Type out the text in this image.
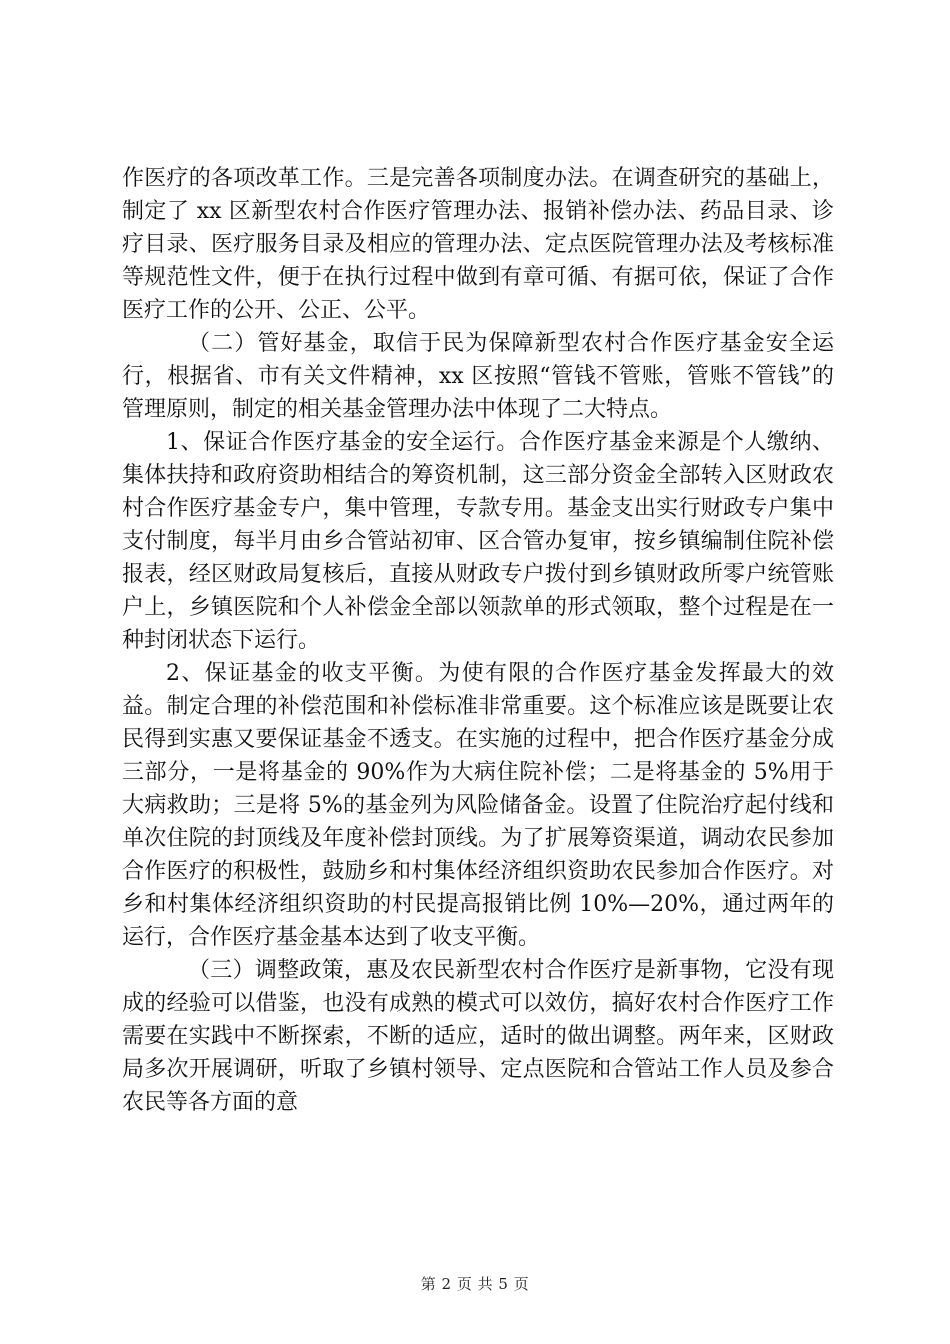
作医疗的各项改革工作。三是完善各项制度办法。在调查研究的基础上，制定了 xx 区新型农村合作医疗管理办法、报销补偿办法、药品目录、诊疗目录、医疗服务目录及相应的管理办法、定点医院管理办法及考核标准等规范性文件，便于在执行过程中做到有章可循、有据可依，保证了合作医疗工作的公开、公正、公平。

（二）管好基金，取信于民为保障新型农村合作医疗基金安全运行，根据省、市有关文件精神，xx 区按照“管钱不管账，管账不管钱”的管理原则，制定的相关基金管理办法中体现了二大特点。

1、保证合作医疗基金的安全运行。合作医疗基金来源是个人缴纳、集体扶持和政府资助相结合的筹资机制，这三部分资金全部转入区财政农村合作医疗基金专户，集中管理，专款专用。基金支出实行财政专户集中支付制度，每半月由乡合管站初审、区合管办复审，按乡镇编制住院补偿报表，经区财政局复核后，直接从财政专户拨付到乡镇财政所零户统管账户上，乡镇医院和个人补偿金全部以领款单的形式领取，整个过程是在一种封闭状态下运行。

2、保证基金的收支平衡。为使有限的合作医疗基金发挥最大的效益。制定合理的补偿范围和补偿标准非常重要。这个标准应该是既要让农民得到实惠又要保证基金不透支。在实施的过程中，把合作医疗基金分成三部分，一是将基金的 90%作为大病住院补偿；二是将基金的 5%用于大病救助；三是将 5%的基金列为风险储备金。设置了住院治疗起付线和单次住院的封顶线及年度补偿封顶线。为了扩展筹资渠道，调动农民参加合作医疗的积极性，鼓励乡和村集体经济组织资助农民参加合作医疗。对乡和村集体经济组织资助的村民提高报销比例 10%—20%，通过两年的运行，合作医疗基金基本达到了收支平衡。

（三）调整政策，惠及农民新型农村合作医疗是新事物，它没有现成的经验可以借鉴，也没有成熟的模式可以效仿，搞好农村合作医疗工作需要在实践中不断探索，不断的适应，适时的做出调整。两年来，区财政局多次开展调研，听取了乡镇村领导、定点医院和合管站工作人员及参合农民等各方面的意

第 2 页 共 5 页
